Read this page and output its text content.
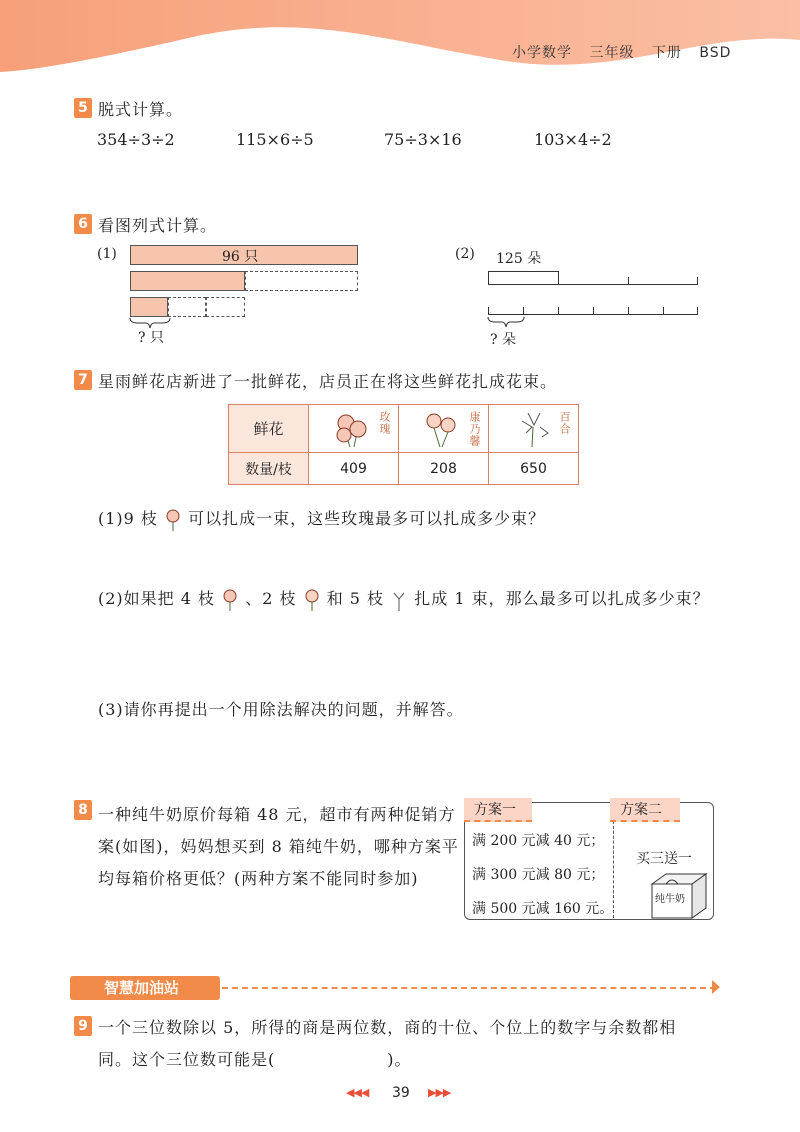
小学数学 三年级 下册 BSD
5 脱式计算。
354÷3÷2	115×6÷5	75÷3×16	103×4÷2
6 看图列式计算。
(1)	96 只
? 只
(2) 125 朵
? 朵
7 星雨鲜花店新进了一批鲜花，店员正在将这些鲜花扎成花束。
鲜花	玫瑰	康乃馨	百合

数量/枝	409	208	650
(1)9 枝 可以扎成一束，这些玫瑰最多可以扎成多少束？
(2)如果把 4 枝 、2 枝 和 5 枝 扎成 1 束，那么最多可以扎成多少束？
(3)请你再提出一个用除法解决的问题，并解答。
8 一种纯牛奶原价每箱 48 元，超市有两种促销方
案(如图)，妈妈想买到 8 箱纯牛奶，哪种方案平
均每箱价格更低？(两种方案不能同时参加)
方案一	方案二
满 200 元减 40 元；
满 300 元减 80 元；
满 500 元减 160 元。
买三送一
纯牛奶
智慧加油站
9 一个三位数除以 5，所得的商是两位数，商的十位、个位上的数字与余数都相
同。这个三位数可能是(	)。
◀◀◀ 39 ▶▶▶
